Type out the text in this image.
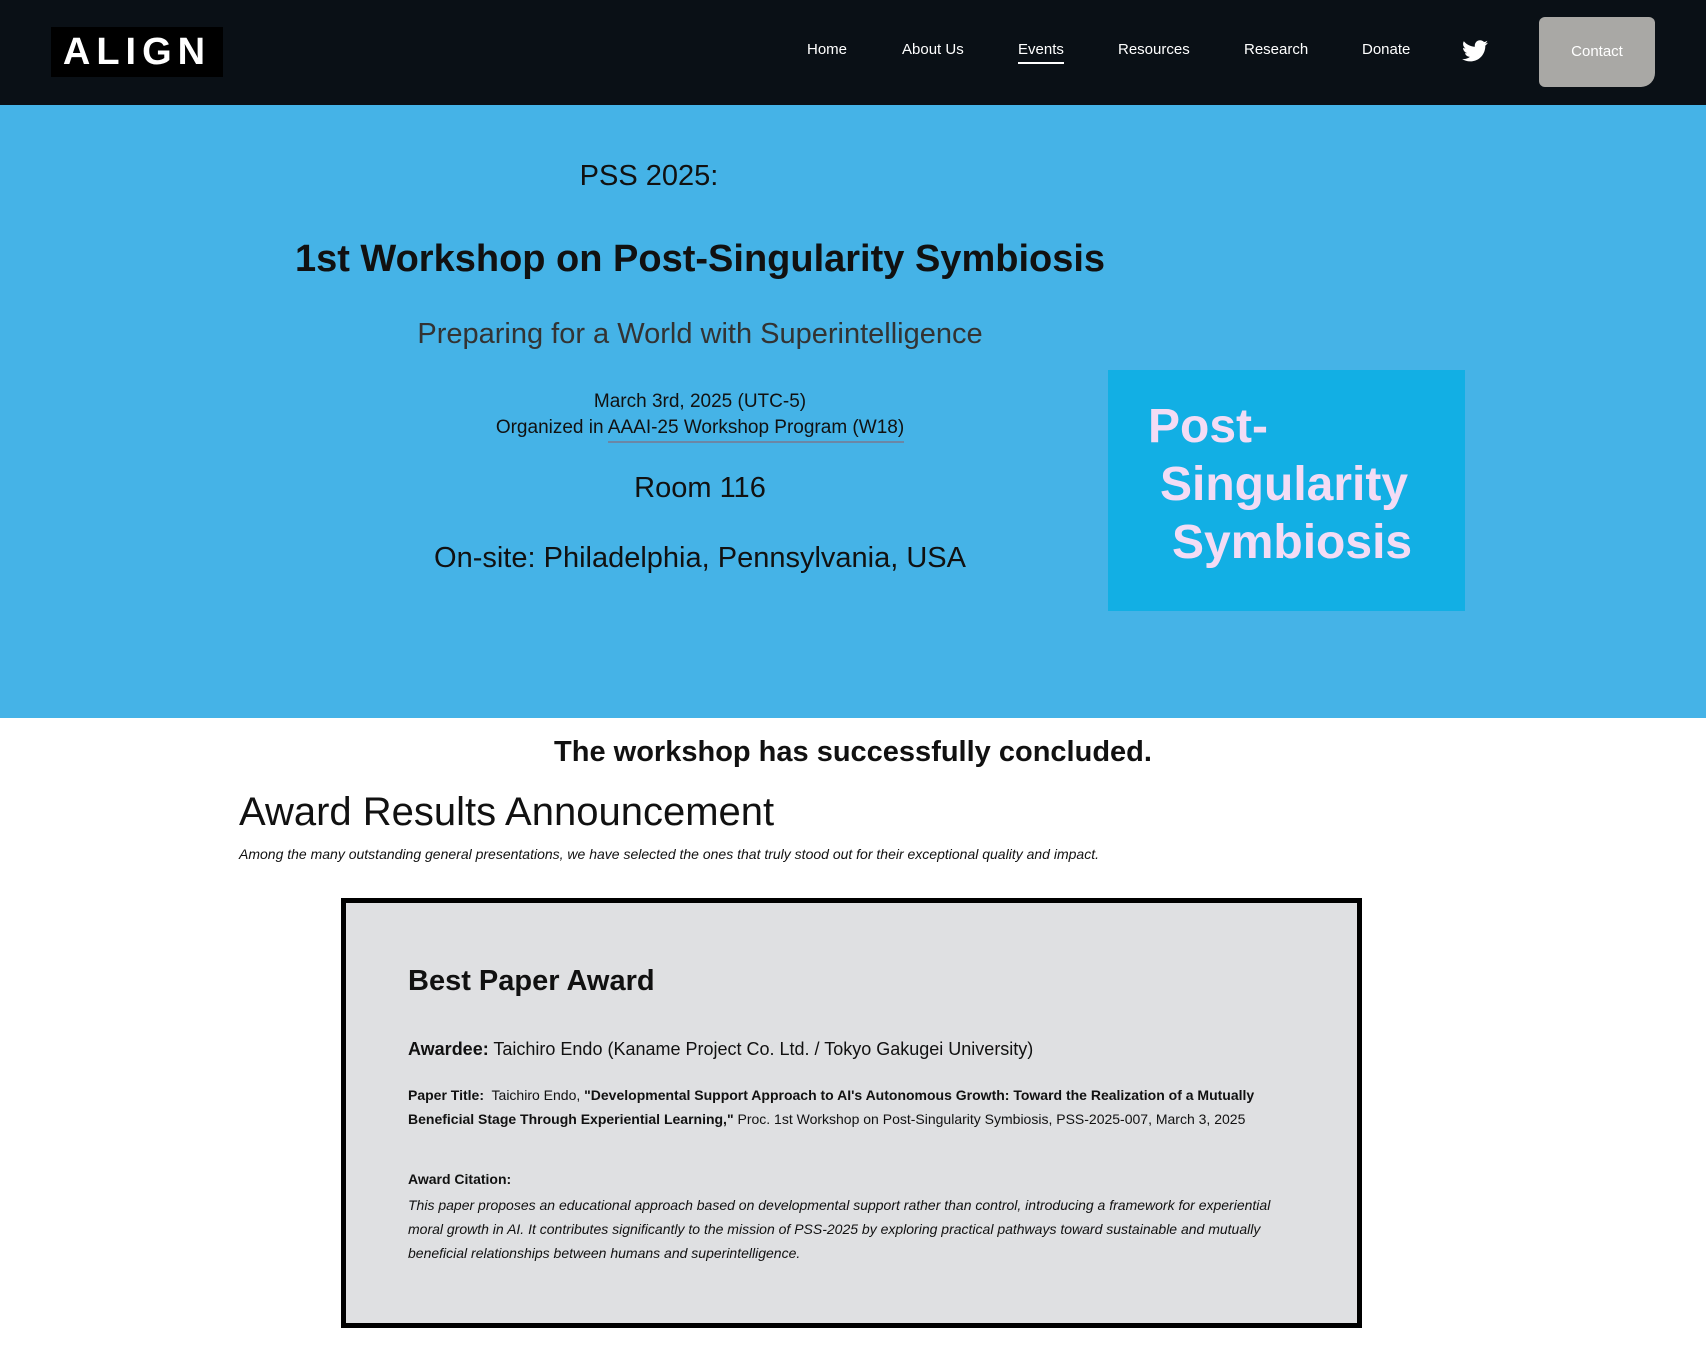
ALIGN	Home	About Us	Events	Resources	Research	Donate	Contact
PSS 2025:
1st Workshop on Post-Singularity Symbiosis
Preparing for a World with Superintelligence
March 3rd, 2025 (UTC-5)
Organized in AAAI-25 Workshop Program (W18)
Room 116
On-site: Philadelphia, Pennsylvania, USA
Post-
Singularity
Symbiosis
The workshop has successfully concluded.
Award Results Announcement
Among the many outstanding general presentations, we have selected the ones that truly stood out for their exceptional quality and impact.
Best Paper Award
Awardee: Taichiro Endo (Kaname Project Co. Ltd. / Tokyo Gakugei University)
Paper Title: Taichiro Endo, "Developmental Support Approach to AI's Autonomous Growth: Toward the Realization of a Mutually Beneficial Stage Through Experiential Learning," Proc. 1st Workshop on Post-Singularity Symbiosis, PSS-2025-007, March 3, 2025
Award Citation:
This paper proposes an educational approach based on developmental support rather than control, introducing a framework for experiential moral growth in AI. It contributes significantly to the mission of PSS-2025 by exploring practical pathways toward sustainable and mutually beneficial relationships between humans and superintelligence.
